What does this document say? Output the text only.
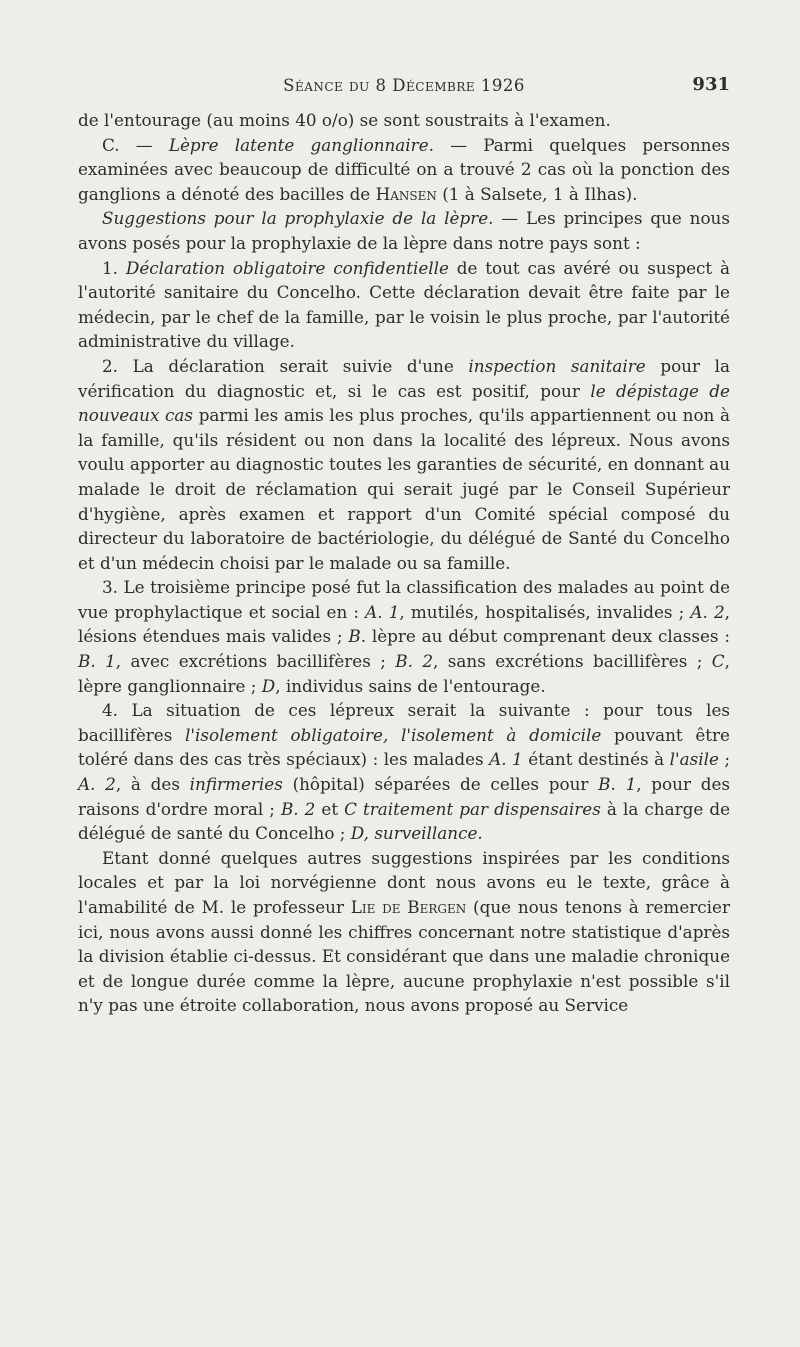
Séance du 8 Décembre 1926	931

de l'entourage (au moins 40 o/o) se sont soustraits à l'examen.

C. — Lèpre latente ganglionnaire. — Parmi quelques personnes examinées avec beaucoup de difficulté on a trouvé 2 cas où la ponction des ganglions a dénoté des bacilles de Hansen (1 à Salsete, 1 à Ilhas).

Suggestions pour la prophylaxie de la lèpre. — Les principes que nous avons posés pour la prophylaxie de la lèpre dans notre pays sont :

1. Déclaration obligatoire confidentielle de tout cas avéré ou suspect à l'autorité sanitaire du Concelho. Cette déclaration devait être faite par le médecin, par le chef de la famille, par le voisin le plus proche, par l'autorité administrative du village.

2. La déclaration serait suivie d'une inspection sanitaire pour la vérification du diagnostic et, si le cas est positif, pour le dépistage de nouveaux cas parmi les amis les plus proches, qu'ils appartiennent ou non à la famille, qu'ils résident ou non dans la localité des lépreux. Nous avons voulu apporter au diagnostic toutes les garanties de sécurité, en donnant au malade le droit de réclamation qui serait jugé par le Conseil Supérieur d'hygiène, après examen et rapport d'un Comité spécial composé du directeur du laboratoire de bactériologie, du délégué de Santé du Concelho et d'un médecin choisi par le malade ou sa famille.

3. Le troisième principe posé fut la classification des malades au point de vue prophylactique et social en : A. 1, mutilés, hospitalisés, invalides ; A. 2, lésions étendues mais valides ; B. lèpre au début comprenant deux classes : B. 1, avec excrétions bacillifères ; B. 2, sans excrétions bacillifères ; C, lèpre ganglionnaire ; D, individus sains de l'entourage.

4. La situation de ces lépreux serait la suivante : pour tous les bacillifères l'isolement obligatoire, l'isolement à domicile pouvant être toléré dans des cas très spéciaux) : les malades A. 1 étant destinés à l'asile ; A. 2, à des infirmeries (hôpital) séparées de celles pour B. 1, pour des raisons d'ordre moral ; B. 2 et C traitement par dispensaires à la charge de délégué de santé du Concelho ; D, surveillance.

Etant donné quelques autres suggestions inspirées par les conditions locales et par la loi norvégienne dont nous avons eu le texte, grâce à l'amabilité de M. le professeur Lie de Bergen (que nous tenons à remercier ici, nous avons aussi donné les chiffres concernant notre statistique d'après la division établie ci-dessus. Et considérant que dans une maladie chronique et de longue durée comme la lèpre, aucune prophylaxie n'est possible s'il n'y pas une étroite collaboration, nous avons proposé au Service
